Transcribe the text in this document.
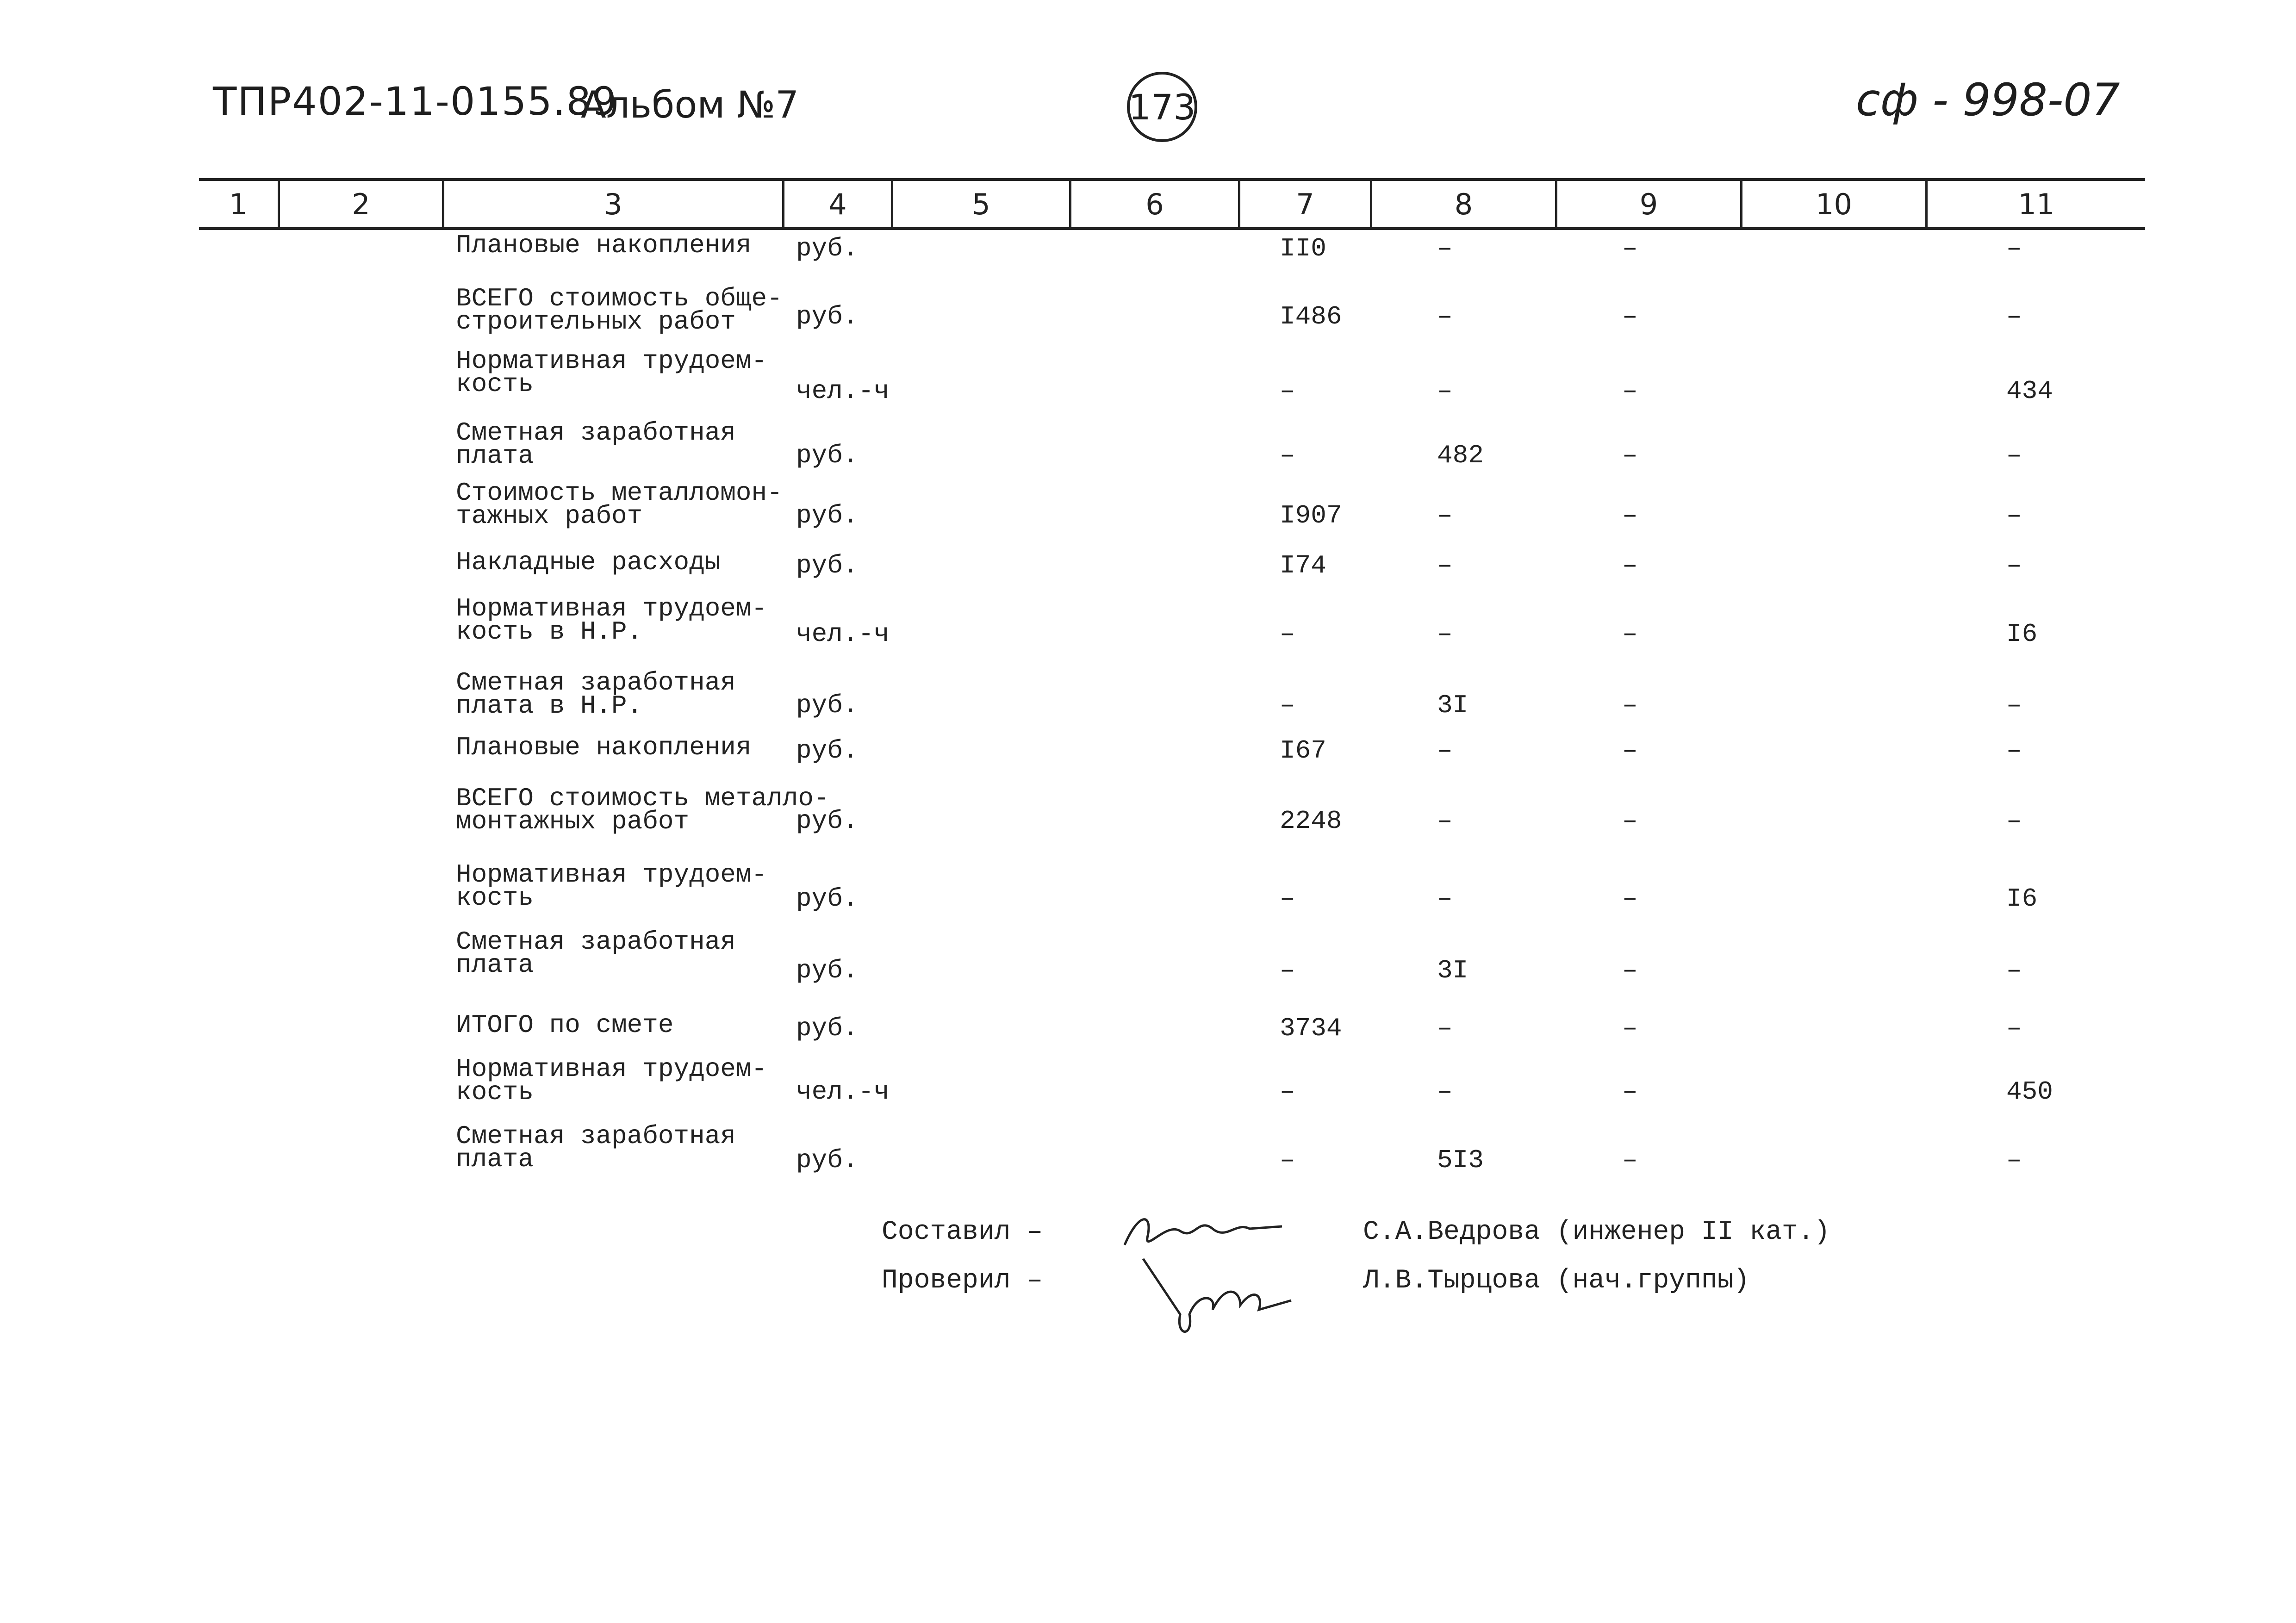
ТПР402-11-0155.89
Альбом №7	173	сф - 998-07
1	2	3	4	5	6	7	8	9	10	11
Плановые накопления руб.	II0	–	–	–
ВСЕГО стоимость обще-
строительных работ	руб.	I486	–	–	–
Нормативная трудоем-
кость	чел.-ч	–	–	–	434
Сметная заработная
плата	руб.	–	482	–	–
Стоимость металломон-
тажных работ	руб.	I907	–	–	–
Накладные расходы	руб.	I74	–	–	–
Нормативная трудоем-
кость в Н.Р.	чел.-ч	–	–	–	I6
Сметная заработная
плата в Н.Р.	руб.	–	3I	–	–
Плановые накопления руб.	I67	–	–	–
ВСЕГО стоимость металло-
монтажных работ	руб.	2248	–	–	–
Нормативная трудоем-
кость	руб.	–	–	–	I6
Сметная заработная
плата	руб.	–	3I	–	–
ИТОГО по смете	руб.	3734	–	–	–
Нормативная трудоем-
кость	чел.-ч	–	–	–	450
Сметная заработная
плата	руб.	–	5I3	–	–
Составил –	С.А.Ведрова (инженер II кат.)
Проверил –	Л.В.Тырцова (нач.группы)
